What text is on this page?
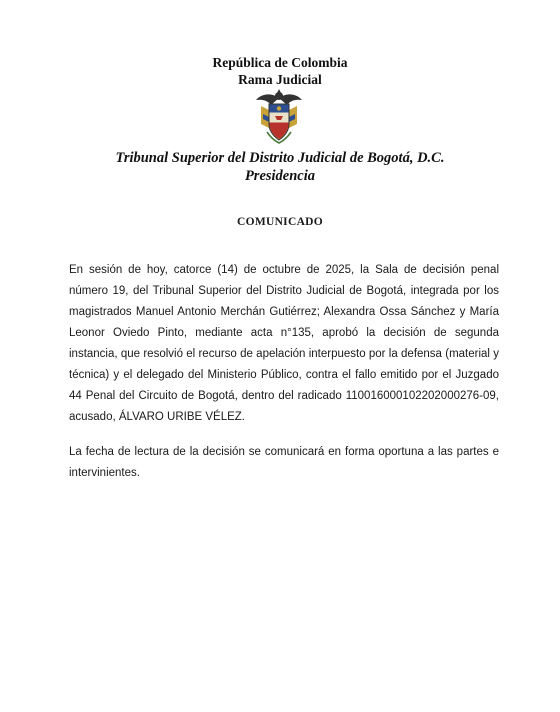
República de Colombia
Rama Judicial
Tribunal Superior del Distrito Judicial de Bogotá, D.C.
Presidencia
COMUNICADO

En sesión de hoy, catorce (14) de octubre de 2025, la Sala de decisión penal número 19, del Tribunal Superior del Distrito Judicial de Bogotá, integrada por los magistrados Manuel Antonio Merchán Gutiérrez; Alexandra Ossa Sánchez y María Leonor Oviedo Pinto, mediante acta n°135, aprobó la decisión de segunda instancia, que resolvió el recurso de apelación interpuesto por la defensa (material y técnica) y el delegado del Ministerio Público, contra el fallo emitido por el Juzgado 44 Penal del Circuito de Bogotá, dentro del radicado 11001600010220200027​6-09, acusado, ÁLVARO URIBE VÉLEZ.

La fecha de lectura de la decisión se comunicará en forma oportuna a las partes e intervinientes.
